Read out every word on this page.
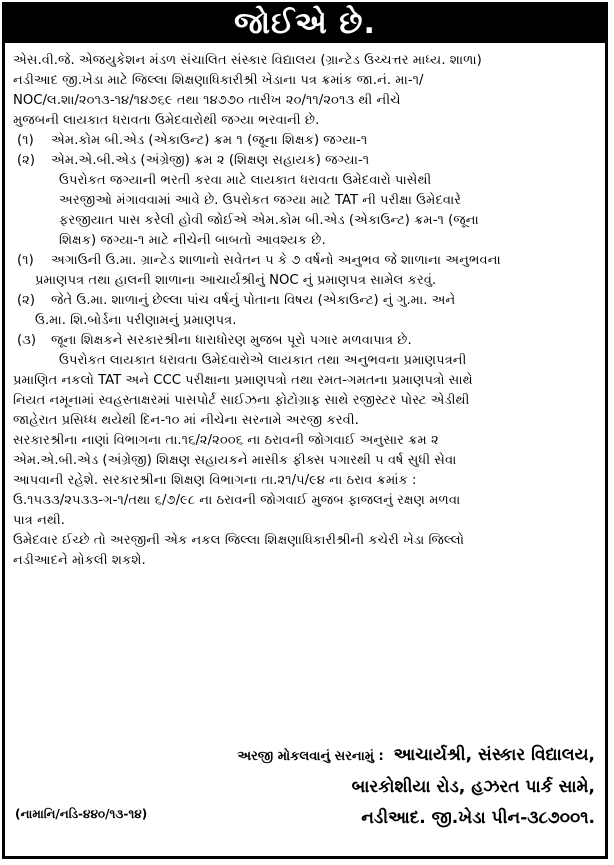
જોઈએ છે.
એસ.વી.જે. એજયુકેશન મંડળ સંચાલિત સંસ્કાર વિદ્યાલય (ગ્રાન્ટેડ ઉચ્ચત્તર માધ્ય. શાળા)
નડીઆદ જી.ખેડા માટે જિલ્લા શિક્ષણાધિકારીશ્રી ખેડાના પત્ર ક્રમાંક જા.નં. મા-૧/
NOC/લ.શા/૨૦૧૩-૧૪/૧૪૭૬૯ તથા ૧૪૭૭૦ તારીખ ૨૦/૧૧/૨૦૧૩ થી નીચે
મુજબની લાયકાત ધરાવતા ઉમેદવારોથી જગ્યા ભરવાની છે.
(૧) એમ.કોમ બી.એડ (એકાઉન્ટ) ક્રમ ૧ (જૂના શિક્ષક) જગ્યા-૧
(૨) એમ.એ.બી.એડ (અંગ્રેજી) ક્રમ ૨ (શિક્ષણ સહાયક) જગ્યા-૧
ઉપરોકત જગ્યાની ભરતી કરવા માટે લાયકાત ધરાવતા ઉમેદવારો પાસેથી
અરજીઓ મંગાવવામાં આવે છે. ઉપરોકત જગ્યા માટે TAT ની પરીક્ષા ઉમેદવારે
ફરજીયાત પાસ કરેલી હોવી જોઈએ એમ.કોમ બી.એડ (એકાઉન્ટ) ક્રમ-૧ (જૂના
શિક્ષક) જગ્યા-૧ માટે નીચેની બાબતો આવશ્યક છે.
(૧) અગાઉની ઉ.મા. ગ્રાન્ટેડ શાળાનો સવેતન ૫ કે ૭ વર્ષનો અનુભવ જે શાળાના અનુભવના
પ્રમાણપત્ર તથા હાલની શાળાના આચાર્યશ્રીનું NOC નું પ્રમાણપત્ર સામેલ કરવું.
(૨) જેતે ઉ.મા. શાળાનું છેલ્લા પાંચ વર્ષનું પોતાના વિષય (એકાઉન્ટ) નું ગુ.મા. અને
ઉ.મા. શિ.બોર્ડના પરીણામનું પ્રમાણપત્ર.
(૩) જૂના શિક્ષકને સરકારશ્રીના ધારાધોરણ મુજબ પૂરો પગાર મળવાપાત્ર છે.
ઉપરોકત લાયકાત ધરાવતા ઉમેદવારોએ લાયકાત તથા અનુભવના પ્રમાણપત્રની
પ્રમાણિત નકલો TAT અને CCC પરીક્ષાના પ્રમાણપત્રો તથા રમત-ગમતના પ્રમાણપત્રો સાથે
નિયત નમૂનામાં સ્વહસ્તાક્ષરમાં પાસપોર્ટ સાઈઝના ફોટોગ્રાફ સાથે રજીસ્ટર પોસ્ટ એડીથી
જાહેરાત પ્રસિધ્ધ થયેથી દિન-૧૦ માં નીચેના સરનામે અરજી કરવી.
સરકારશ્રીના નાણાં વિભાગના તા.૧૬/૨/૨૦૦૬ ના ઠરાવની જોગવાઈ અનુસાર ક્રમ ૨
એમ.એ.બી.એડ (અંગ્રેજી) શિક્ષણ સહાયકને માસીક ફીક્સ પગારથી ૫ વર્ષ સુધી સેવા
આપવાની રહેશે. સરકારશ્રીના શિક્ષણ વિભાગના તા.૨૧/૫/૯૪ ના ઠરાવ ક્રમાંક :
ઉ.૧૫૩૩/૨૫૩૩-ગ-૧/તથા ૬/૭/૯૮ ના ઠરાવની જોગવાઈ મુજબ ફાજલનું રક્ષણ મળવા
પાત્ર નથી.
ઉમેદવાર ઈચ્છે તો અરજીની એક નકલ જિલ્લા શિક્ષણાધિકારીશ્રીની કચેરી ખેડા જિલ્લો
નડીઆદને મોકલી શકશે.
અરજી મોકલવાનું સરનામું : આચાર્યશ્રી, સંસ્કાર વિદ્યાલય,
બારકોશીયા રોડ, હઝરત પાર્ક સામે,
નડીઆદ. જી.ખેડા પીન-૩૮૭૦૦૧.
(નામાનિ/નડિ-૪૪૦/૧૩-૧૪)
